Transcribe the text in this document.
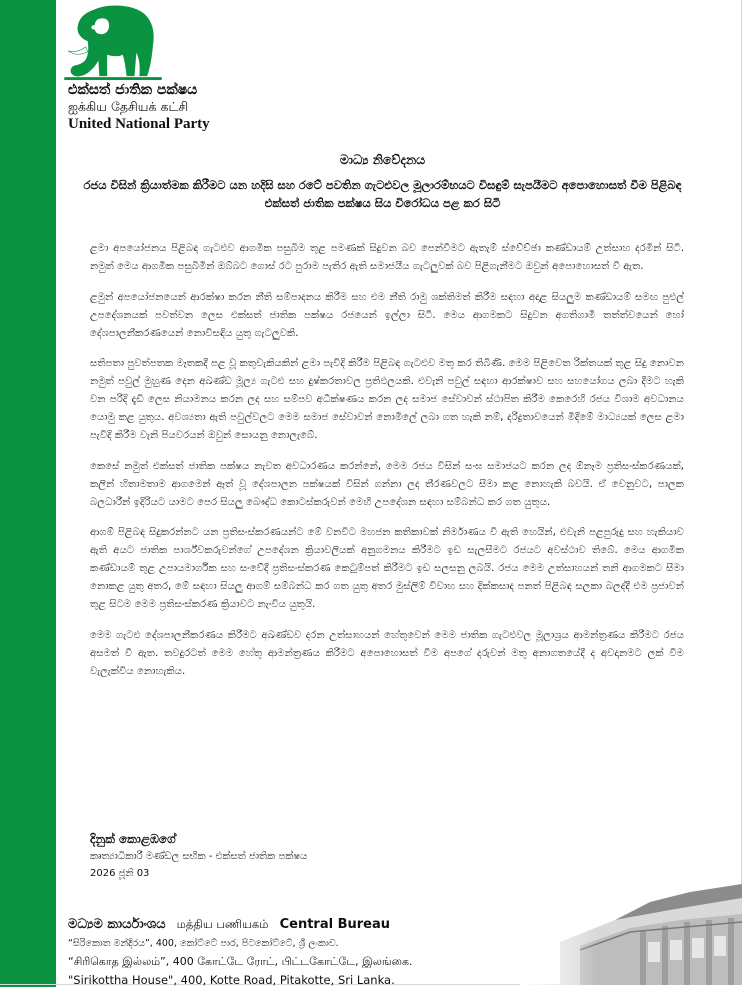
එක්සත් ජාතික පක්ෂය
ஐக்கிய தேசியக் கட்சி
United National Party
මාධ්‍ය නිවේදනය
රජය විසින් ක්‍රියාත්මක කිරීමට යන හදිසි සහ රටේ පවතින ගැටළුවල මූලාරම්භයට විසඳුම් සැපයීමට අපොහොසත් වීම පිළිබඳ එක්සත් ජාතික පක්ෂය සිය විරෝධය පළ කර සිටී

ළමා අපයෝජනය පිළිබඳ ගැටළුව ආගමික පසුබිම තුළ පමණක් සිදුවන බව පෙන්වීමට ඇතැම් ස්වේච්ඡා කණ්ඩායම් උත්සාහ දරමින් සිටී. නමුත් මෙය ආගමික පසුබිමින් ඔබ්බට ගොස් රට පුරාම පැතිර ඇති සමාජයීය ගැටලුවක් බව පිළිගැනීමට ඔවුන් අපොහොසත් වී ඇත.

ළමුන් අපයෝජනයෙන් ආරක්ෂා කරන නීති සම්පාදනය කිරීම සහ එම නීති රාමු ශක්තිමත් කිරීම සඳහා අදාළ සියලුම කණ්ඩායම් සමඟ පුළුල් උපදේශනයක් පවත්වන ලෙස එක්සත් ජාතික පක්ෂය රජයෙන් ඉල්ලා සිටී. මෙය ආගමකට සිදුවන අගතිගාමී තත්ත්වයෙන් හෝ දේශපාලනීකරණයෙන් නොවිසඳිය යුතු ගැටලුවකි.

සතිපතා පුවත්පතක මෑතකදී පළ වූ කතුවැකියකින් ළමා පැවිදි කිරීම පිළිබඳ ගැටළුව මතු කර තිබිණි. මෙම පිළිවෙත රික්තයක් තුළ සිදු නොවන නමුත් පවුල් මුහුණ දෙන අඛණ්ඩ මූල්‍ය ගැටළු සහ දුෂ්කරතාවල ප්‍රතිඵලයකි. එවැනි පවුල් සඳහා ආරක්ෂාව සහ සහයෝගය ලබා දීමට හැකි වන පරිදි දැඩි ලෙස නියාමනය කරන ලද සහ සම්පව අධීක්ෂණය කරන ලද සමාජ සේවාවන් ස්ථාපිත කිරීම කෙරෙහි රජය විශාම අවධානය යොමු කළ යුතුය. අවශ්‍යතා ඇති පවුල්වලට මෙම සමාජ සේවාවන් නොමිලේ ලබා ගත හැකි නම්, දරිද්‍රතාවයෙන් මිදීමේ මාධ්‍යයක් ලෙස ළමා පැවිදි කිරීම වැනි පියවරයන් ඔවුන් සොයනු නොලැබේ.

කෙසේ නමුත් එක්සත් ජාතික පක්ෂය නැවත අවධාරණය කරන්නේ, මෙම රජය විසින් සංඝ සමාජයට කරන ලද ඕනෑම ප්‍රතිසංස්කරණයක්, කලින් හිතාමතාම ආගමෙන් ඈත් වූ දේශපාලන පක්ෂයක් විසින් ගන්නා ලද තීරණවලට සීමා කළ නොහැකි බවයි. ඒ වෙනුවට, පාලක බලධාරීන් ඉදිරියට යාමට පෙර සියලු බෞද්ධ කොටස්කරුවන් මෙහි උපදේශන සඳහා සම්බන්ධ කර ගත යුතුය.

ආගම් පිළිබඳ සිදුකරන්නට යන ප්‍රතිසංස්කරණයන්ට මේ වනවිට මහජන කතිකාවක් නිර්මාණය වී ඇති හෙයින්, එවැනි පළපුරුදු සහ හැකියාව ඇති අයට ජාතික පාර්ශ්වකරුවන්ගේ උපදේශන ක්‍රියාවලියක් අනුගමනය කිරීමට ඉඩ සැලසීමට රජයට අවස්ථාව තිබේ. මෙය ආගමික කණ්ඩායම් තුළ උපායමාර්ගික සහ සංවේදී ප්‍රතිසංස්කරණ කෙටුම්පත් කිරීමට ඉඩ සලසනු ලබයි. රජය මෙම උත්සාහයන් තනි ආගමකට සීමා නොකළ යුතු අතර, මේ සඳහා සියලු ආගම් සම්බන්ධ කර ගත යුතු අතර මුස්ලිම් විවාහ සහ දික්කසාද පනත් පිළිබඳ සලකා බලද්දී එම ප්‍රජාවන් තුළ සිටම මෙම ප්‍රතිසංස්කරණ ක්‍රියාවට නැංවිය යුතුයි.

මෙම ගැටළු දේශපාලනීකරණය කිරීමට අඛණ්ඩව දරන උත්සාහයන් හේතුවෙන් මෙම ජාතික ගැටළුවල මූලාශ්‍රය ආමන්ත්‍රණය කිරීමට රජය අසමත් වී ඇත. තවදුරටත් මෙම හේතු ආමන්ත්‍රණය කිරීමට අපොහොසත් වීම අපගේ දරුවන් මතු අනාගතයේදී ද අවදානමට ලක් වීම වැලැක්විය නොහැකිය.

දිනුක් කොළඹගේ
කෘත්‍යාධිකාරී මණ්ඩල සභික - එක්සත් ජාතික පක්ෂය
2026 ජූනි 03
මධ්‍යම කාර්යාංශය மத்திய பணியகம் Central Bureau
“සිරිකොත මන්දිරය”, 400, කෝට්ටේ පාර, පිටකෝට්ටේ, ශ්‍රී ලංකාව.
“சிரிகொத இல்லம்”, 400 கோட்டே ரோட், பிட்டகோட்டே, இலங்கை.
"Sirikottha House", 400, Kotte Road, Pitakotte, Sri Lanka.
